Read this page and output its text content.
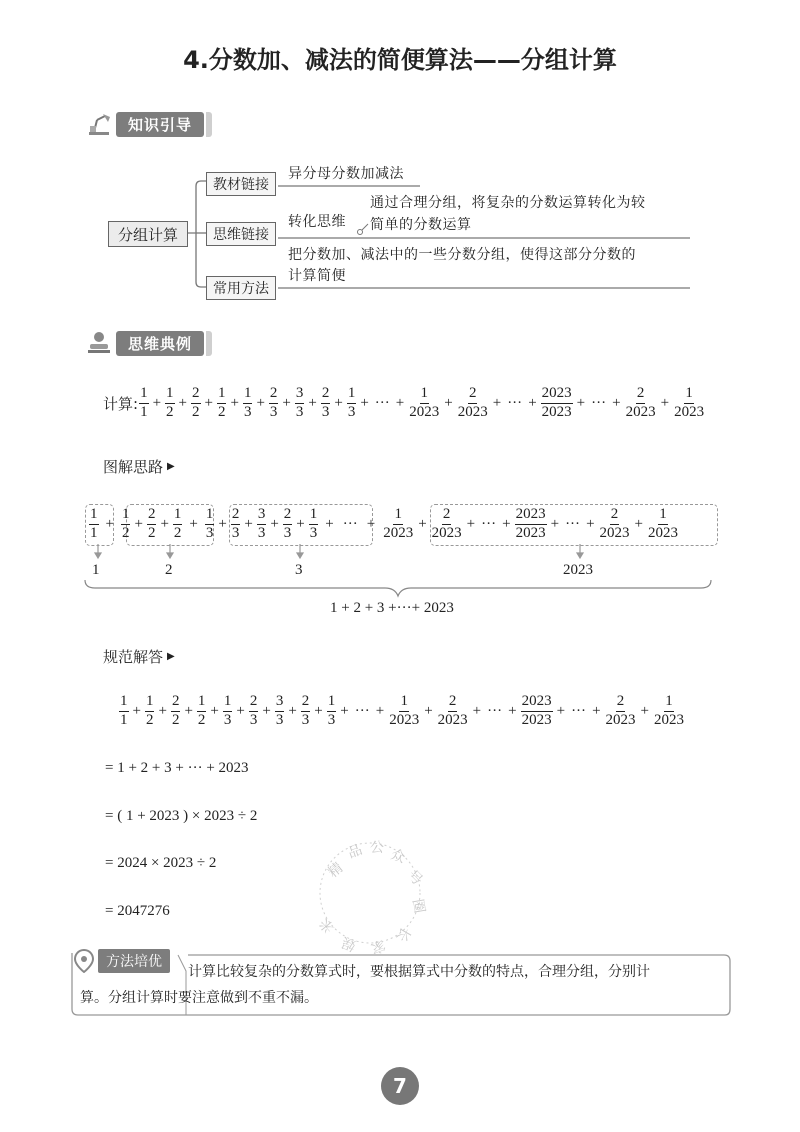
4.分数加、减法的简便算法——分组计算
知识引导
分组计算
教材链接
异分母分数加减法
思维链接
转化思维
通过合理分组，将复杂的分数运算转化为较
简单的分数运算
常用方法
把分数加、减法中的一些分数分组，使得这部分分数的
计算简便
思维典例
计算: $\frac{1}{1} + \frac{1}{2} + \frac{2}{2} + \frac{1}{2} + \frac{1}{3} + \frac{2}{3} + \frac{3}{3} + \frac{2}{3} + \frac{1}{3}$ + ··· + $\frac{1}{2023} + \frac{2}{2023}$ + ··· + $\frac{2023}{2023}$ + ··· + $\frac{2}{2023} + \frac{1}{2023}$
图解思路 ▶
$\frac{1}{1} + \frac{1}{2} + \frac{2}{2} + \frac{1}{2} + \frac{1}{3} + \frac{2}{3} + \frac{3}{3} + \frac{2}{3} + \frac{1}{3}$ + ··· + $\frac{1}{2023} + \frac{2}{2023}$ + ··· + $\frac{2023}{2023}$ + ··· + $\frac{2}{2023} + \frac{1}{2023}$
1	2	3	2023
1 + 2 + 3 +···+ 2023
规范解答 ▶
$\frac{1}{1} + \frac{1}{2} + \frac{2}{2} + \frac{1}{2} + \frac{1}{3} + \frac{2}{3} + \frac{3}{3} + \frac{2}{3} + \frac{1}{3}$ + ··· + $\frac{1}{2023} + \frac{2}{2023}$ + ··· + $\frac{2023}{2023}$ + ··· + $\frac{2}{2023} + \frac{1}{2023}$
= 1 + 2 + 3 + ··· + 2023
= ( 1 + 2023 ) × 2023 ÷ 2
= 2024 × 2023 ÷ 2
= 2047276
精
品 公 众
号
圈
长
家
娱
米
方法培优
计算比较复杂的分数算式时，要根据算式中分数的特点，合理分组，分别计
算。分组计算时要注意做到不重不漏。
7
